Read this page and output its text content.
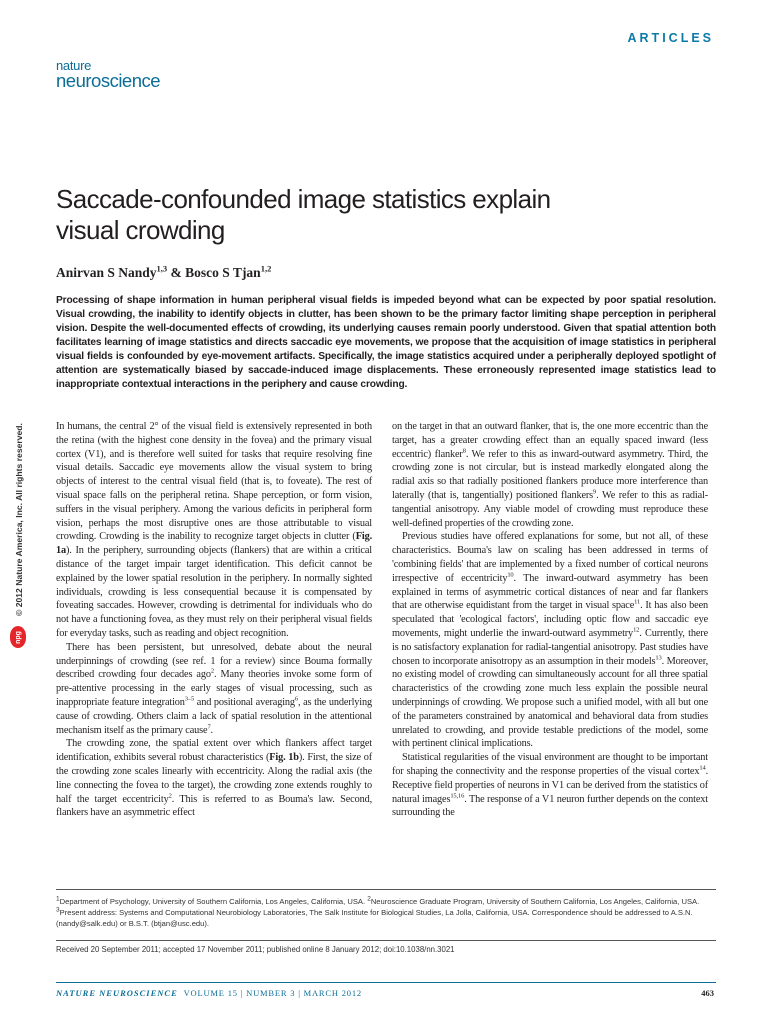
ARTICLES
nature
neuroscience
Saccade-confounded image statistics explain
visual crowding
Anirvan S Nandy$^{1,3}$ & Bosco S Tjan$^{1,2}$

Processing of shape information in human peripheral visual fields is impeded beyond what can be expected by poor spatial resolution. Visual crowding, the inability to identify objects in clutter, has been shown to be the primary factor limiting shape perception in peripheral vision. Despite the well-documented effects of crowding, its underlying causes remain poorly understood. Given that spatial attention both facilitates learning of image statistics and directs saccadic eye movements, we propose that the acquisition of image statistics in peripheral visual fields is confounded by eye-movement artifacts. Specifically, the image statistics acquired under a peripherally deployed spotlight of attention are systematically biased by saccade-induced image displacements. These erroneously represented image statistics lead to inappropriate contextual interactions in the periphery and cause crowding.

In humans, the central 2° of the visual field is extensively represented in both the retina (with the highest cone density in the fovea) and the primary visual cortex (V1), and is therefore well suited for tasks that require resolving fine visual details. Saccadic eye movements allow the visual system to bring objects of interest to the central visual field (that is, to foveate). The rest of visual space falls on the peripheral retina. Shape perception, or form vision, suffers in the visual periphery. Among the various deficits in peripheral form vision, perhaps the most disruptive ones are those attributable to visual crowding. Crowding is the inability to recognize target objects in clutter (Fig. 1a). In the periphery, surrounding objects (flankers) that are within a critical distance of the target impair target identification. This deficit cannot be explained by the lower spatial resolution in the periphery. In normally sighted individuals, crowding is less consequential because it is compensated by foveating saccades. However, crowding is detrimental for individuals who do not have a functioning fovea, as they must rely on their peripheral visual fields for everyday tasks, such as reading and object recognition.

There has been persistent, but unresolved, debate about the neural underpinnings of crowding (see ref. 1 for a review) since Bouma formally described crowding four decades ago$^2$. Many theories invoke some form of pre-attentive processing in the early stages of visual processing, such as inappropriate feature integration$^{3-5}$ and positional averaging$^6$, as the underlying cause of crowding. Others claim a lack of spatial resolution in the attentional mechanism itself as the primary cause$^7$.

The crowding zone, the spatial extent over which flankers affect target identification, exhibits several robust characteristics (Fig. 1b). First, the size of the crowding zone scales linearly with eccentricity. Along the radial axis (the line connecting the fovea to the target), the crowding zone extends roughly to half the target eccentricity$^2$. This is referred to as Bouma's law. Second, flankers have an asymmetric effect

on the target in that an outward flanker, that is, the one more eccentric than the target, has a greater crowding effect than an equally spaced inward (less eccentric) flanker$^8$. We refer to this as inward-outward asymmetry. Third, the crowding zone is not circular, but is instead markedly elongated along the radial axis so that radially positioned flankers produce more interference than laterally (that is, tangentially) positioned flankers$^9$. We refer to this as radial-tangential anisotropy. Any viable model of crowding must reproduce these well-defined properties of the crowding zone.

Previous studies have offered explanations for some, but not all, of these characteristics. Bouma's law on scaling has been addressed in terms of 'combining fields' that are implemented by a fixed number of cortical neurons irrespective of eccentricity$^{10}$. The inward-outward asymmetry has been explained in terms of asymmetric cortical distances of near and far flankers that are otherwise equidistant from the target in visual space$^{11}$. It has also been speculated that 'ecological factors', including optic flow and saccadic eye movements, might underlie the inward-outward asymmetry$^{12}$. Currently, there is no satisfactory explanation for radial-tangential anisotropy. Past studies have chosen to incorporate anisotropy as an assumption in their models$^{13}$. Moreover, no existing model of crowding can simultaneously account for all three spatial characteristics of the crowding zone much less explain the possible neural underpinnings of crowding. We propose such a unified model, with all but one of the parameters constrained by anatomical and behavioral data from studies unrelated to crowding, and provide testable predictions of the model, some with pertinent clinical implications.

Statistical regularities of the visual environment are thought to be important for shaping the connectivity and the response properties of the visual cortex$^{14}$. Receptive field properties of neurons in V1 can be derived from the statistics of natural images$^{15,16}$. The response of a V1 neuron further depends on the context surrounding the

$^1$Department of Psychology, University of Southern California, Los Angeles, California, USA. $^2$Neuroscience Graduate Program, University of Southern California, Los Angeles, California, USA. $^3$Present address: Systems and Computational Neurobiology Laboratories, The Salk Institute for Biological Studies, La Jolla, California, USA. Correspondence should be addressed to A.S.N. (nandy@salk.edu) or B.S.T. (btjan@usc.edu).

Received 20 September 2011; accepted 17 November 2011; published online 8 January 2012; doi:10.1038/nn.3021
NATURE NEUROSCIENCE VOLUME 15 | NUMBER 3 | MARCH 2012	463
© 2012 Nature America, Inc. All rights reserved.
npg
